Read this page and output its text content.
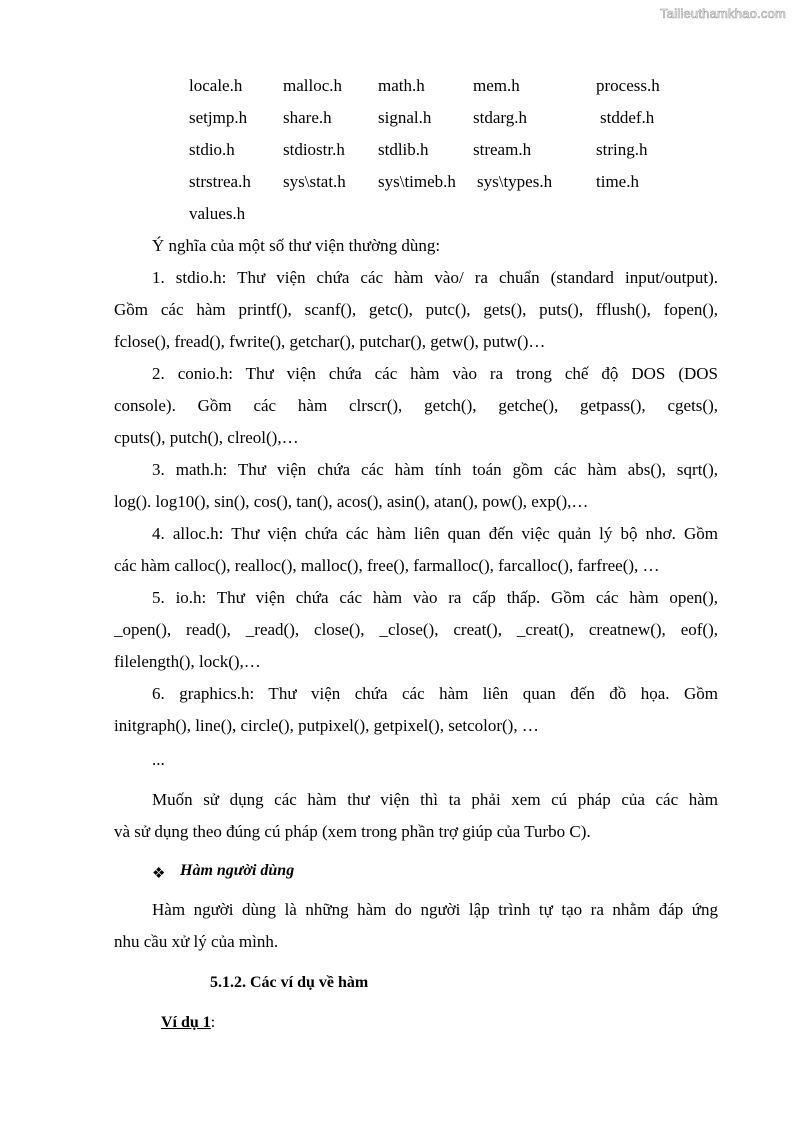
Tailieuthamkhao.com
locale.h malloc.h math.h	mem.h	process.h
setjmp.h share.h	signal.h stdarg.h	stddef.h
stdio.h	stdiostr.h stdlib.h	stream.h	string.h
strstrea.h sys\stat.h sys\timeb.h sys\types.h	time.h
values.h
Ý nghĩa của một số thư viện thường dùng:
1. stdio.h: Thư viện chứa các hàm vào/ ra chuẩn (standard input/output).
Gồm các hàm printf(), scanf(), getc(), putc(), gets(), puts(), fflush(), fopen(),
fclose(), fread(), fwrite(), getchar(), putchar(), getw(), putw()…
2. conio.h: Thư viện chứa các hàm vào ra trong chế độ DOS (DOS
console). Gồm các hàm clrscr(), getch(), getche(), getpass(), cgets(),
cputs(), putch(), clreol(),…
3. math.h: Thư viện chứa các hàm tính toán gồm các hàm abs(), sqrt(),
log(). log10(), sin(), cos(), tan(), acos(), asin(), atan(), pow(), exp(),…
4. alloc.h: Thư viện chứa các hàm liên quan đến việc quản lý bộ nhơ. Gồm
các hàm calloc(), realloc(), malloc(), free(), farmalloc(), farcalloc(), farfree(), …
5. io.h: Thư viện chứa các hàm vào ra cấp thấp. Gồm các hàm open(),
_open(), read(), _read(), close(), _close(), creat(), _creat(), creatnew(), eof(),
filelength(), lock(),…
6. graphics.h: Thư viện chứa các hàm liên quan đến đồ họa. Gồm
initgraph(), line(), circle(), putpixel(), getpixel(), setcolor(), …
...
Muốn sử dụng các hàm thư viện thì ta phải xem cú pháp của các hàm
và sử dụng theo đúng cú pháp (xem trong phần trợ giúp của Turbo C).
❖ Hàm người dùng
Hàm người dùng là những hàm do người lập trình tự tạo ra nhằm đáp ứng
nhu cầu xử lý của mình.
5.1.2. Các ví dụ về hàm
Ví dụ 1:
